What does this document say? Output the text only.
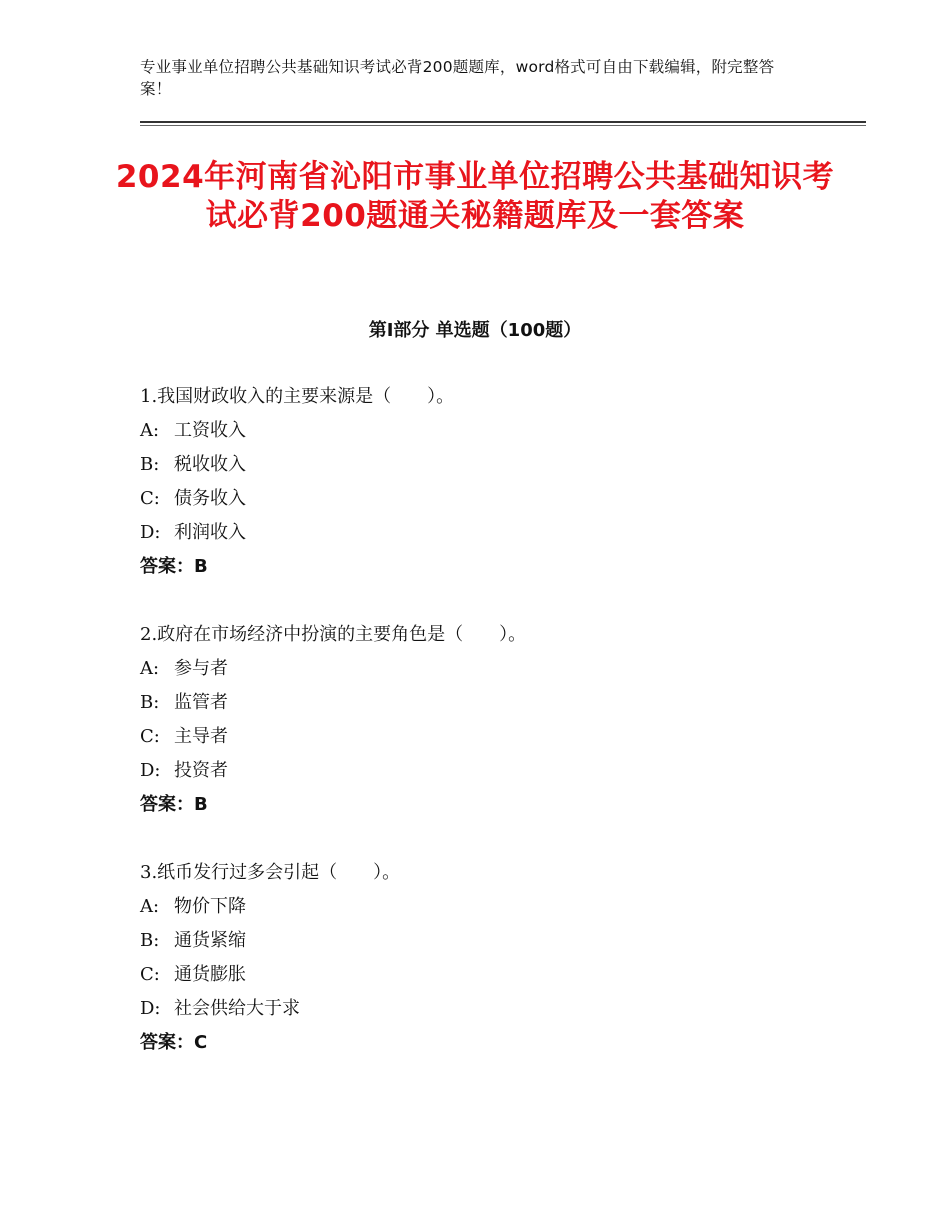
专业事业单位招聘公共基础知识考试必背200题题库，word格式可自由下载编辑，附完整答案！
2024年河南省沁阳市事业单位招聘公共基础知识考试必背200题通关秘籍题库及一套答案
第Ⅰ部分 单选题（100题）
1.我国财政收入的主要来源是（　　）。
A: 工资收入
B: 税收收入
C: 债务收入
D: 利润收入
答案：B
2.政府在市场经济中扮演的主要角色是（　　）。
A: 参与者
B: 监管者
C: 主导者
D: 投资者
答案：B
3.纸币发行过多会引起（　　）。
A: 物价下降
B: 通货紧缩
C: 通货膨胀
D: 社会供给大于求
答案：C
